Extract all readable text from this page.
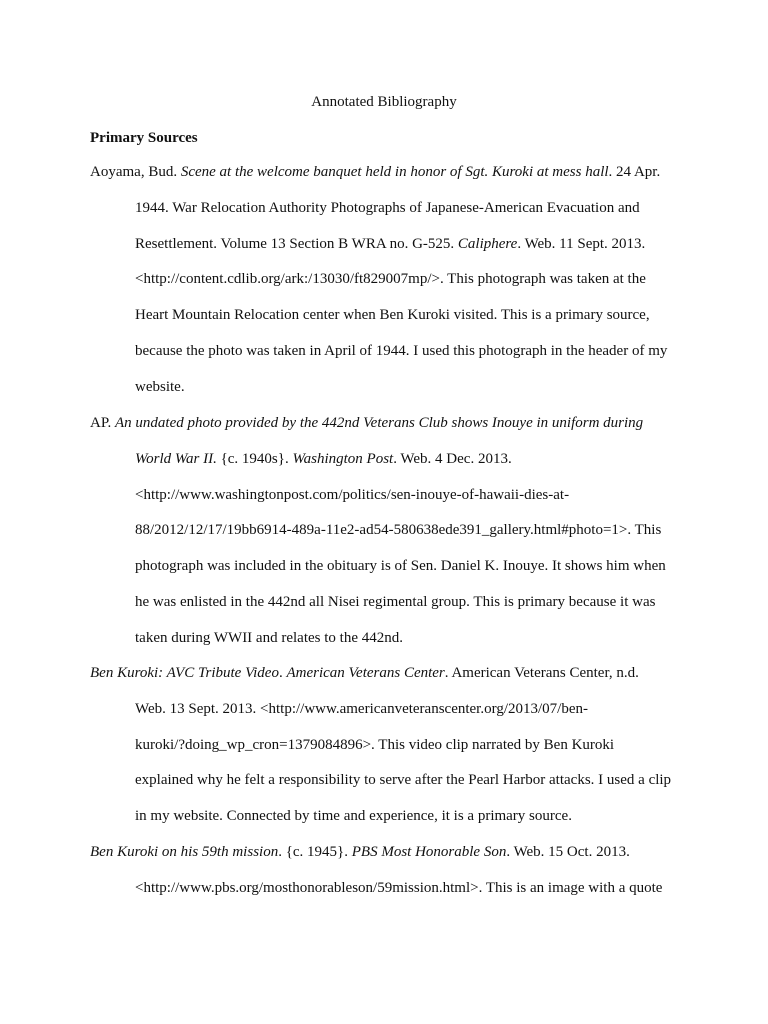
Annotated Bibliography
Primary Sources
Aoyama, Bud. Scene at the welcome banquet held in honor of Sgt. Kuroki at mess hall. 24 Apr.
1944. War Relocation Authority Photographs of Japanese-American Evacuation and
Resettlement. Volume 13 Section B WRA no. G-525. Caliphere. Web. 11 Sept. 2013.
<http://content.cdlib.org/ark:/13030/ft829007mp/>. This photograph was taken at the
Heart Mountain Relocation center when Ben Kuroki visited. This is a primary source,
because the photo was taken in April of 1944. I used this photograph in the header of my
website.
AP. An undated photo provided by the 442nd Veterans Club shows Inouye in uniform during
World War II. {c. 1940s}. Washington Post. Web. 4 Dec. 2013.
<http://www.washingtonpost.com/politics/sen-inouye-of-hawaii-dies-at-
88/2012/12/17/19bb6914-489a-11e2-ad54-580638ede391_gallery.html#photo=1>. This
photograph was included in the obituary is of Sen. Daniel K. Inouye. It shows him when
he was enlisted in the 442nd all Nisei regimental group. This is primary because it was
taken during WWII and relates to the 442nd.
Ben Kuroki: AVC Tribute Video. American Veterans Center. American Veterans Center, n.d.
Web. 13 Sept. 2013. <http://www.americanveteranscenter.org/2013/07/ben-
kuroki/?doing_wp_cron=1379084896>. This video clip narrated by Ben Kuroki
explained why he felt a responsibility to serve after the Pearl Harbor attacks. I used a clip
in my website. Connected by time and experience, it is a primary source.
Ben Kuroki on his 59th mission. {c. 1945}. PBS Most Honorable Son. Web. 15 Oct. 2013.
<http://www.pbs.org/mosthonorableson/59mission.html>. This is an image with a quote
